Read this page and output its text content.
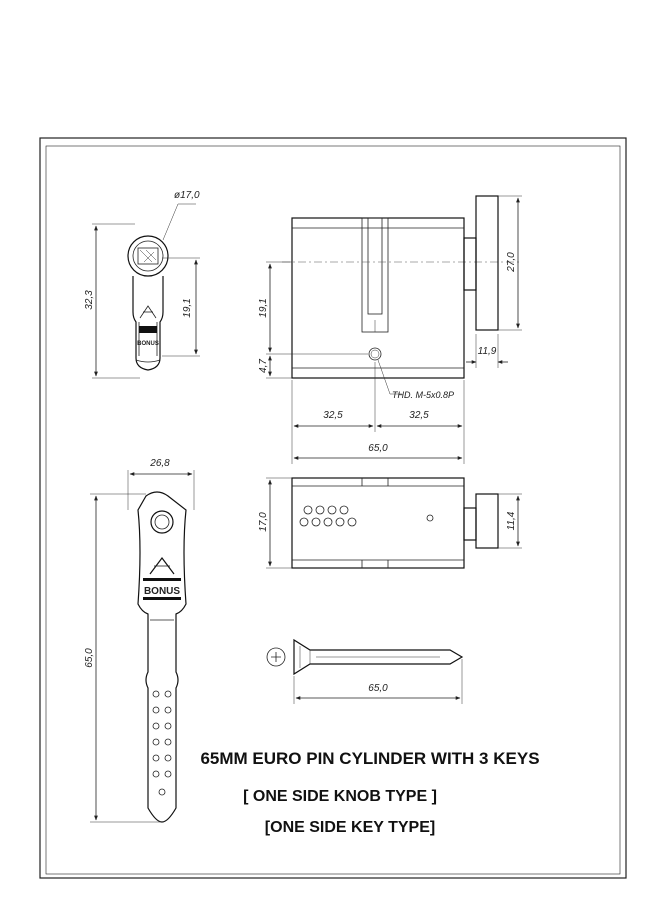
BONUS
32,3	19,1
ø17,0
27,0
11,9
19,1
4,7
THD. M-5x0.8P
32,5	32,5
65,0
BONUS
26,8
65,0
17,0	11,4
65,0
65MM EURO PIN CYLINDER WITH 3 KEYS
[ ONE SIDE KNOB TYPE ]
[ONE SIDE KEY TYPE]
